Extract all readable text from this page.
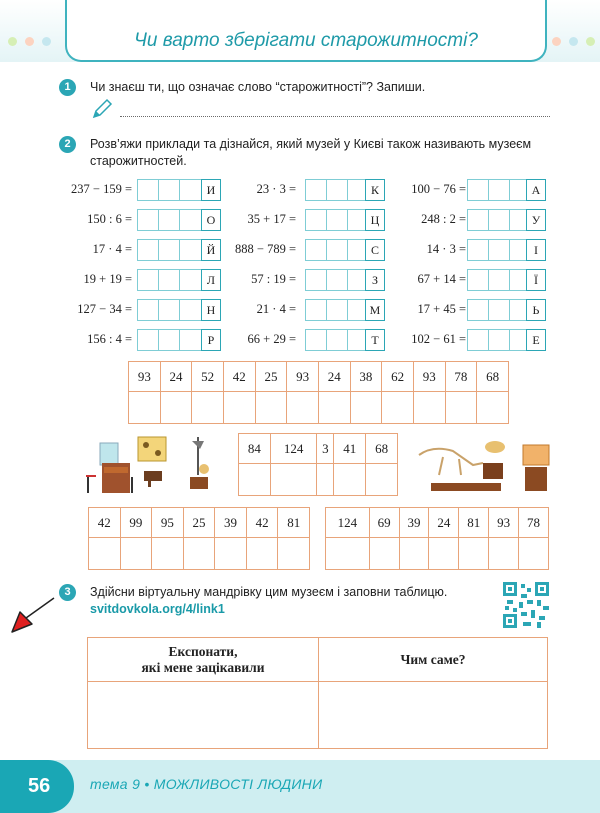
Чи варто зберігати старожитності?
1	Чи знаєш ти, що означає слово “старожитності”? Запиши.
2	Розв’яжи приклади та дізнайся, який музей у Києві також називають музеєм
старожитностей.
237 − 159 =	И
150 : 6 =	О
17 · 4 =	Й
19 + 19 =	Л
127 − 34 =	Н
156 : 4 =	Р
23 · 3 =	К
35 + 17 =	Ц
888 − 789 =	С
57 : 19 =	З
21 · 4 =	М
66 + 29 =	Т
100 − 76 =	А
248 : 2 =	У
14 · 3 =	І
67 + 14 =	Ї
17 + 45 =	Ь
102 − 61 =	Е
93	24	52	42	25	93	24	38	62	93	78	68

84	124	3	41	68

42	99	95	25	39	42	81
							124	69	39	24	81	93	78

3	Здійсни віртуальну мандрівку цим музеєм і заповни таблицю.
svitdovkola.org/4/link1
Експонати,
які мене зацікавили
Чим саме?
56	тема 9 • МОЖЛИВОСТІ ЛЮДИНИ
